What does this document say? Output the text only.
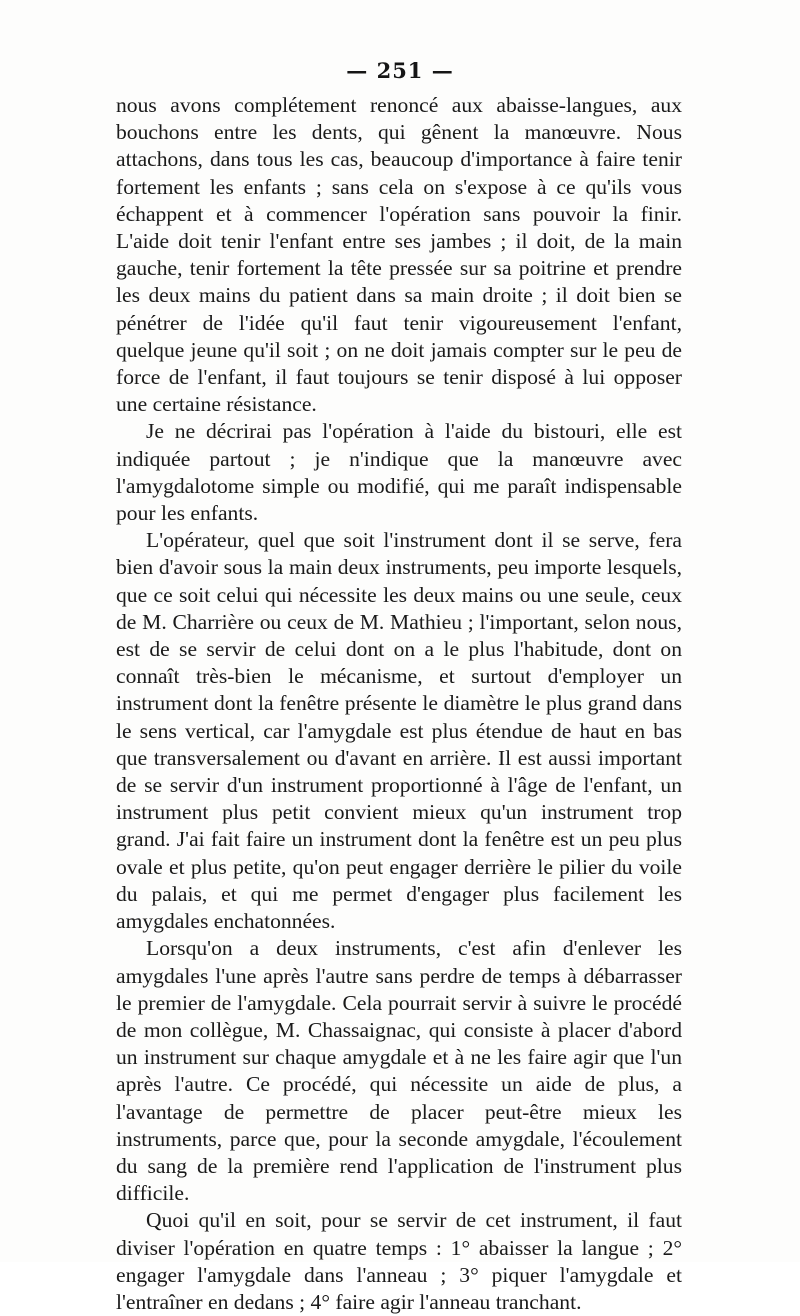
— 251 —

nous avons complétement renoncé aux abaisse-langues, aux bouchons entre les dents, qui gênent la manœuvre. Nous attachons, dans tous les cas, beaucoup d'importance à faire tenir fortement les enfants ; sans cela on s'expose à ce qu'ils vous échappent et à commencer l'opération sans pouvoir la finir. L'aide doit tenir l'enfant entre ses jambes ; il doit, de la main gauche, tenir fortement la tête pressée sur sa poitrine et prendre les deux mains du patient dans sa main droite ; il doit bien se pénétrer de l'idée qu'il faut tenir vigoureusement l'enfant, quelque jeune qu'il soit ; on ne doit jamais compter sur le peu de force de l'enfant, il faut toujours se tenir disposé à lui opposer une certaine résistance.

Je ne décrirai pas l'opération à l'aide du bistouri, elle est indiquée partout ; je n'indique que la manœuvre avec l'amygdalotome simple ou modifié, qui me paraît indispensable pour les enfants.

L'opérateur, quel que soit l'instrument dont il se serve, fera bien d'avoir sous la main deux instruments, peu importe lesquels, que ce soit celui qui nécessite les deux mains ou une seule, ceux de M. Charrière ou ceux de M. Mathieu ; l'important, selon nous, est de se servir de celui dont on a le plus l'habitude, dont on connaît très-bien le mécanisme, et surtout d'employer un instrument dont la fenêtre présente le diamètre le plus grand dans le sens vertical, car l'amygdale est plus étendue de haut en bas que transversalement ou d'avant en arrière. Il est aussi important de se servir d'un instrument proportionné à l'âge de l'enfant, un instrument plus petit convient mieux qu'un instrument trop grand. J'ai fait faire un instrument dont la fenêtre est un peu plus ovale et plus petite, qu'on peut engager derrière le pilier du voile du palais, et qui me permet d'engager plus facilement les amygdales enchatonnées.

Lorsqu'on a deux instruments, c'est afin d'enlever les amygdales l'une après l'autre sans perdre de temps à débarrasser le premier de l'amygdale. Cela pourrait servir à suivre le procédé de mon collègue, M. Chassaignac, qui consiste à placer d'abord un instrument sur chaque amygdale et à ne les faire agir que l'un après l'autre. Ce procédé, qui nécessite un aide de plus, a l'avantage de permettre de placer peut-être mieux les instruments, parce que, pour la seconde amygdale, l'écoulement du sang de la première rend l'application de l'instrument plus difficile.

Quoi qu'il en soit, pour se servir de cet instrument, il faut diviser l'opération en quatre temps : 1° abaisser la langue ; 2° engager l'amygdale dans l'anneau ; 3° piquer l'amygdale et l'entraîner en dedans ; 4° faire agir l'anneau tranchant.
